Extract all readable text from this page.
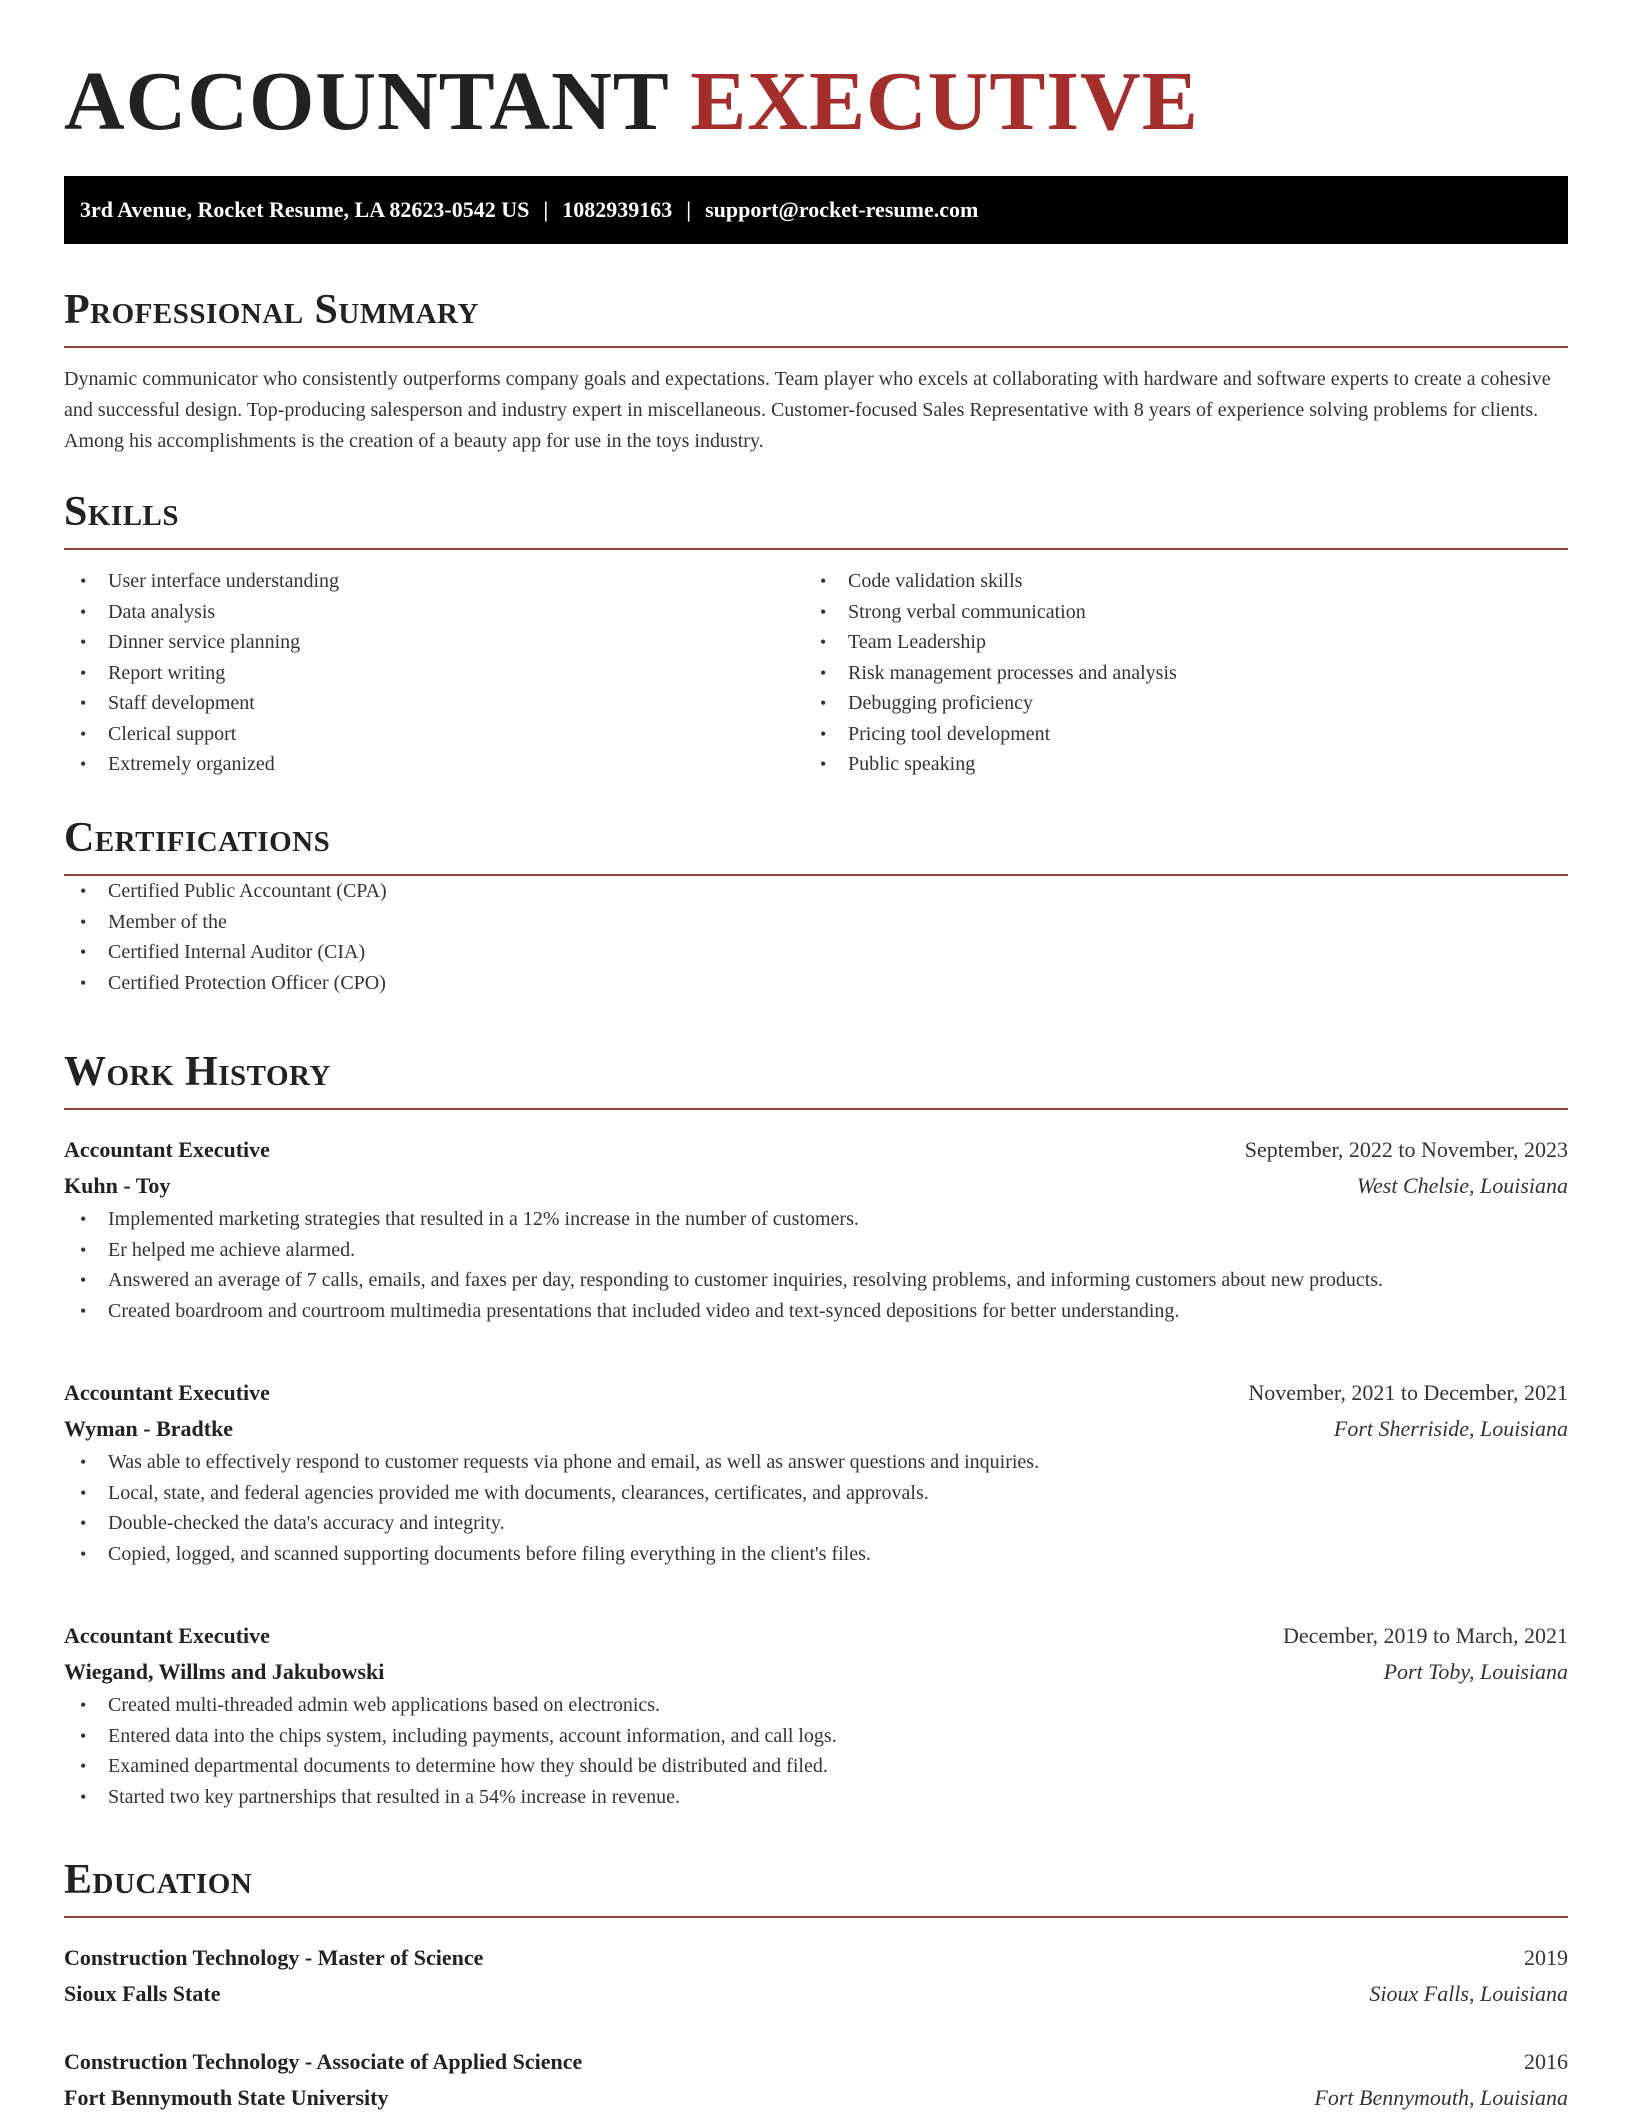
ACCOUNTANT EXECUTIVE
3rd Avenue, Rocket Resume, LA 82623-0542 US | 1082939163 | support@rocket-resume.com
Professional Summary

Dynamic communicator who consistently outperforms company goals and expectations. Team player who excels at collaborating with hardware and software experts to create a cohesive and successful design. Top-producing salesperson and industry expert in miscellaneous. Customer-focused Sales Representative with 8 years of experience solving problems for clients. Among his accomplishments is the creation of a beauty app for use in the toys industry.

Skills
• User interface understanding
• Data analysis
• Dinner service planning
• Report writing
• Staff development
• Clerical support
• Extremely organized
• Code validation skills
• Strong verbal communication
• Team Leadership
• Risk management processes and analysis
• Debugging proficiency
• Pricing tool development
• Public speaking
Certifications
• Certified Public Accountant (CPA)
• Member of the
• Certified Internal Auditor (CIA)
• Certified Protection Officer (CPO)
Work History
Accountant Executive	September, 2022 to November, 2023
Kuhn - Toy	West Chelsie, Louisiana
• Implemented marketing strategies that resulted in a 12% increase in the number of customers.
• Er helped me achieve alarmed.
• Answered an average of 7 calls, emails, and faxes per day, responding to customer inquiries, resolving problems, and informing customers about new products.
• Created boardroom and courtroom multimedia presentations that included video and text-synced depositions for better understanding.
Accountant Executive	November, 2021 to December, 2021
Wyman - Bradtke	Fort Sherriside, Louisiana
• Was able to effectively respond to customer requests via phone and email, as well as answer questions and inquiries.
• Local, state, and federal agencies provided me with documents, clearances, certificates, and approvals.
• Double-checked the data's accuracy and integrity.
• Copied, logged, and scanned supporting documents before filing everything in the client's files.
Accountant Executive	December, 2019 to March, 2021
Wiegand, Willms and Jakubowski	Port Toby, Louisiana
• Created multi-threaded admin web applications based on electronics.
• Entered data into the chips system, including payments, account information, and call logs.
• Examined departmental documents to determine how they should be distributed and filed.
• Started two key partnerships that resulted in a 54% increase in revenue.
Education
Construction Technology - Master of Science	2019
Sioux Falls State	Sioux Falls, Louisiana
Construction Technology - Associate of Applied Science	2016
Fort Bennymouth State University	Fort Bennymouth, Louisiana
